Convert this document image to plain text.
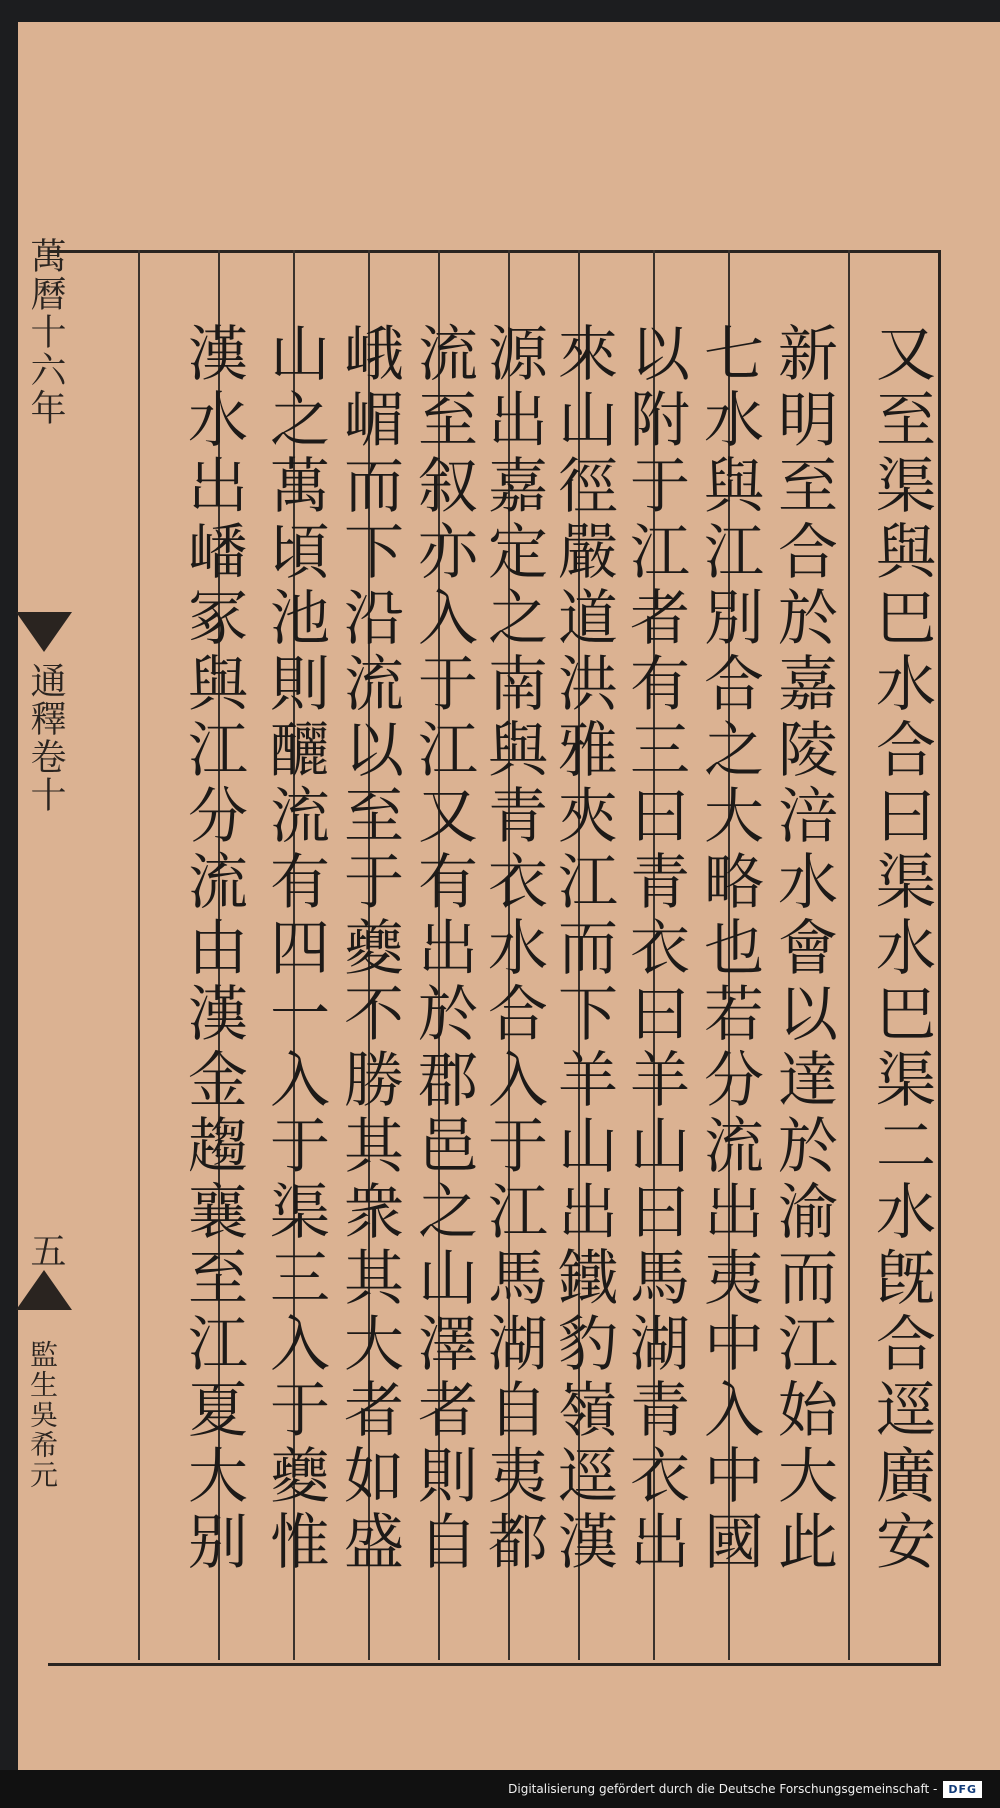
又至渠與巴水合曰渠水巴渠二水旣合逕廣安
新明至合於嘉陵涪水會以達於渝而江始大此
七水與江別合之大略也若分流出夷中入中國
以附于江者有三曰青衣曰羊山曰馬湖青衣出
來山徑嚴道洪雅夾江而下羊山出鐵豹嶺逕漢
源出嘉定之南與青衣水合入于江馬湖自夷都
流至叙亦入于江又有出於郡邑之山澤者則自
峨嵋而下沿流以至于夔不勝其衆其大者如盛
山之萬頃池則釃流有四一入于渠三入于夔惟
漢水出嶓冢與江分流由漢金趨襄至江夏大别
萬曆十六年
通釋卷十
五
監生吳希元
Digitalisierung gefördert durch die Deutsche Forschungsgemeinschaft -	DFG
